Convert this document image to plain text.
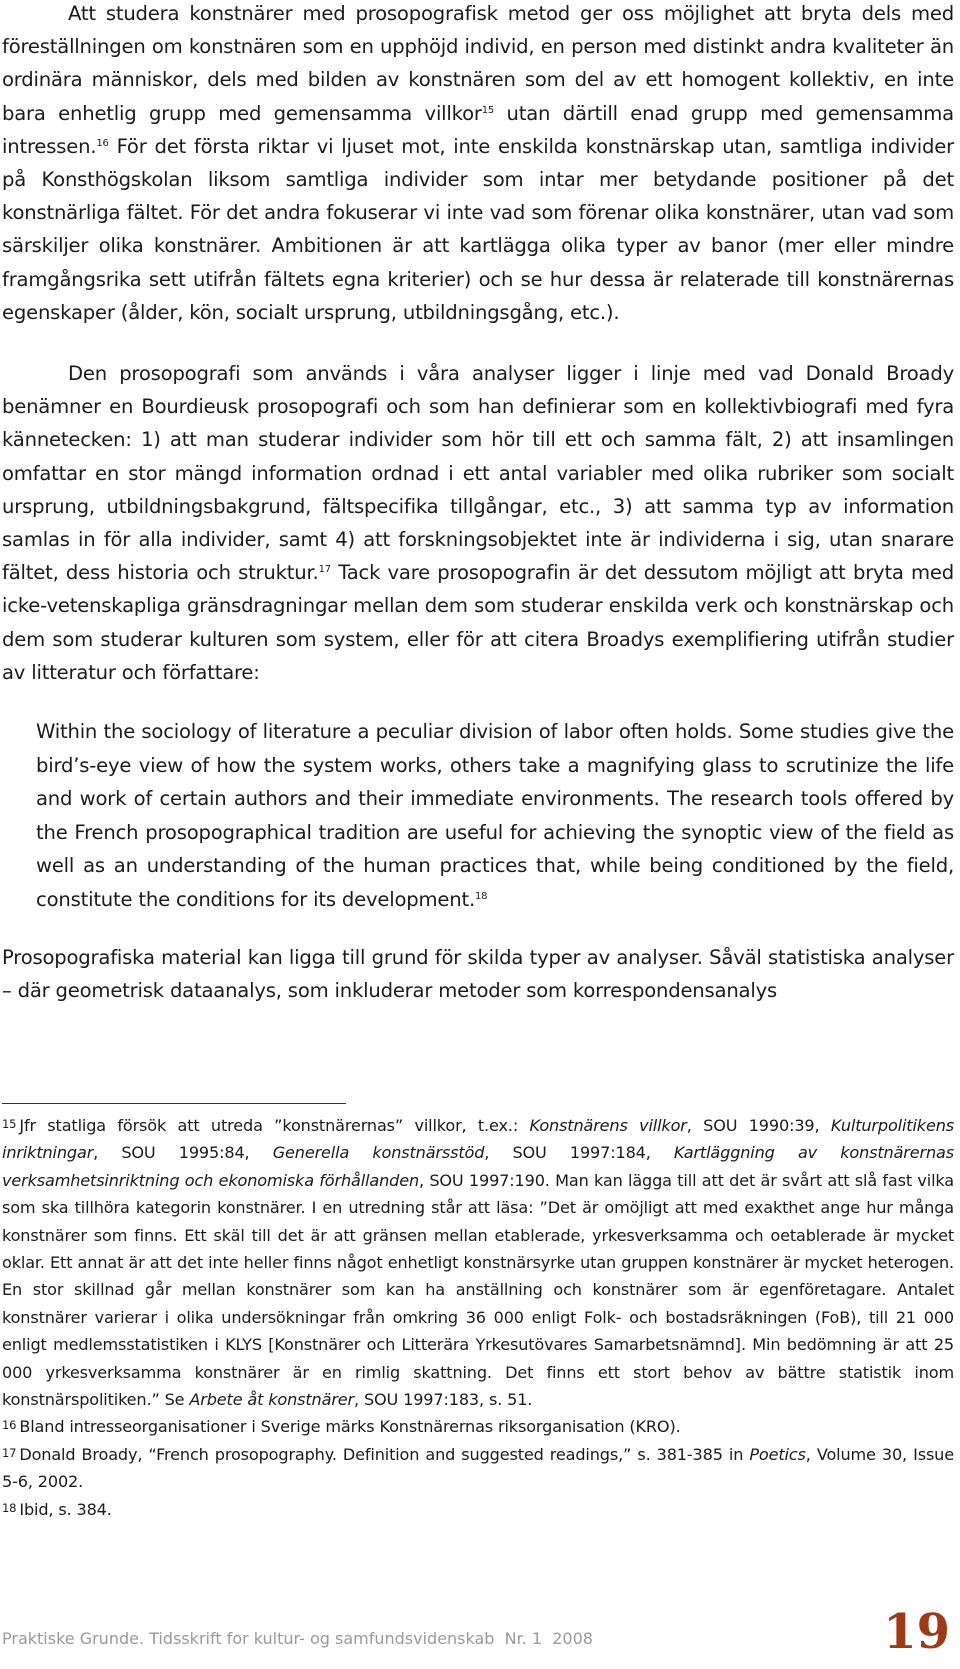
Att studera konstnärer med prosopografisk metod ger oss möjlighet att bryta dels med föreställningen om konstnären som en upphöjd individ, en person med distinkt andra kvaliteter än ordinära människor, dels med bilden av konstnären som del av ett homogent kollektiv, en inte bara enhetlig grupp med gemensamma villkor$^{15}$ utan därtill enad grupp med gemensamma intressen.$^{16}$ För det första riktar vi ljuset mot, inte enskilda konstnärskap utan, samtliga individer på Konsthögskolan liksom samtliga individer som intar mer betydande positioner på det konstnärliga fältet. För det andra fokuserar vi inte vad som förenar olika konstnärer, utan vad som särskiljer olika konstnärer. Ambitionen är att kartlägga olika typer av banor (mer eller mindre framgångsrika sett utifrån fältets egna kriterier) och se hur dessa är relaterade till konstnärernas egenskaper (ålder, kön, socialt ursprung, utbildningsgång, etc.).

Den prosopografi som används i våra analyser ligger i linje med vad Donald Broady benämner en Bourdieusk prosopografi och som han definierar som en kollektivbiografi med fyra kännetecken: 1) att man studerar individer som hör till ett och samma fält, 2) att insamlingen omfattar en stor mängd information ordnad i ett antal variabler med olika rubriker som socialt ursprung, utbildningsbakgrund, fältspecifika tillgångar, etc., 3) att samma typ av information samlas in för alla individer, samt 4) att forskningsobjektet inte är individerna i sig, utan snarare fältet, dess historia och struktur.$^{17}$ Tack vare prosopografin är det dessutom möjligt att bryta med icke-vetenskapliga gränsdragningar mellan dem som studerar enskilda verk och konstnärskap och dem som studerar kulturen som system, eller för att citera Broadys exemplifiering utifrån studier av litteratur och författare:

Within the sociology of literature a peculiar division of labor often holds. Some studies give the bird’s-eye view of how the system works, others take a magnifying glass to scrutinize the life and work of certain authors and their immediate environments. The research tools offered by the French prosopographical tradition are useful for achieving the synoptic view of the field as well as an understanding of the human practices that, while being conditioned by the field, constitute the conditions for its development.$^{18}$

Prosopografiska material kan ligga till grund för skilda typer av analyser. Såväl statistiska analyser – där geometrisk dataanalys, som inkluderar metoder som korrespondensanalys

15 Jfr statliga försök att utreda ”konstnärernas” villkor, t.ex.: Konstnärens villkor, SOU 1990:39, Kulturpolitikens inriktningar, SOU 1995:84, Generella konstnärsstöd, SOU 1997:184, Kartläggning av konstnärernas verksamhetsinriktning och ekonomiska förhållanden, SOU 1997:190. Man kan lägga till att det är svårt att slå fast vilka som ska tillhöra kategorin konstnärer. I en utredning står att läsa: ”Det är omöjligt att med exakthet ange hur många konstnärer som finns. Ett skäl till det är att gränsen mellan etablerade, yrkesverksamma och oetablerade är mycket oklar. Ett annat är att det inte heller finns något enhetligt konstnärsyrke utan gruppen konstnärer är mycket heterogen. En stor skillnad går mellan konstnärer som kan ha anställning och konstnärer som är egenföretagare. Antalet konstnärer varierar i olika undersökningar från omkring 36 000 enligt Folk- och bostadsräkningen (FoB), till 21 000 enligt medlemsstatistiken i KLYS [Konstnärer och Litterära Yrkesutövares Samarbetsnämnd]. Min bedömning är att 25 000 yrkesverksamma konstnärer är en rimlig skattning. Det finns ett stort behov av bättre statistik inom konstnärspolitiken.” Se Arbete åt konstnärer, SOU 1997:183, s. 51.

16 Bland intresseorganisationer i Sverige märks Konstnärernas riksorganisation (KRO).

17 Donald Broady, “French prosopography. Definition and suggested readings,” s. 381-385 in Poetics, Volume 30, Issue 5-6, 2002.

18 Ibid, s. 384.

Praktiske Grunde. Tidsskrift for kultur- og samfundsvidenskab  Nr. 1  2008	19
